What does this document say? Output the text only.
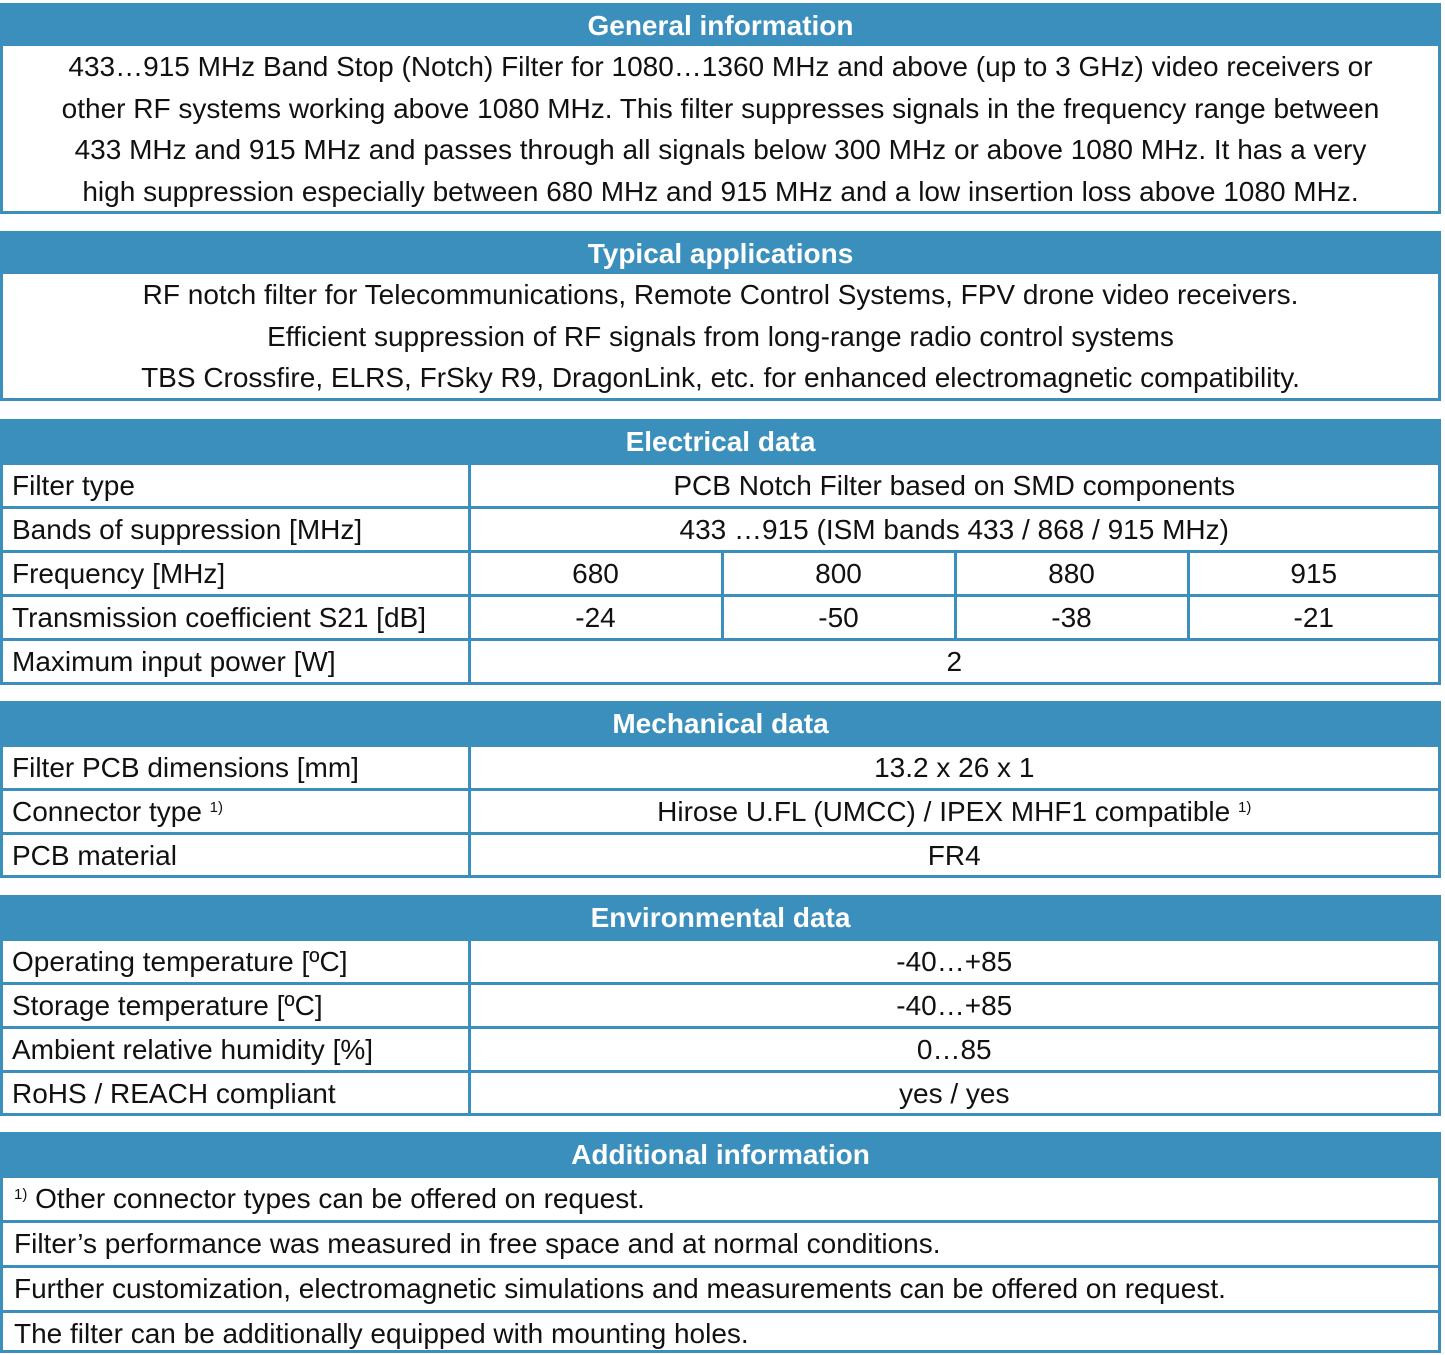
General information
433…915 MHz Band Stop (Notch) Filter for 1080…1360 MHz and above (up to 3 GHz) video receivers or
other RF systems working above 1080 MHz. This filter suppresses signals in the frequency range between
433 MHz and 915 MHz and passes through all signals below 300 MHz or above 1080 MHz. It has a very
high suppression especially between 680 MHz and 915 MHz and a low insertion loss above 1080 MHz.
Typical applications
RF notch filter for Telecommunications, Remote Control Systems, FPV drone video receivers.
Efficient suppression of RF signals from long-range radio control systems
TBS Crossfire, ELRS, FrSky R9, DragonLink, etc. for enhanced electromagnetic compatibility.
Electrical data
Filter type	PCB Notch Filter based on SMD components			
Bands of suppression [MHz]	433 …915 (ISM bands 433 / 868 / 915 MHz)			
Frequency [MHz]	680	800	880	915
Transmission coefficient S21 [dB]	-24	-50	-38	-21
Maximum input power [W]	2			
Mechanical data
Filter PCB dimensions [mm]	13.2 x 26 x 1
Connector type $^{1)}$	Hirose U.FL (UMCC) / IPEX MHF1 compatible $^{1)}$
PCB material	FR4
Environmental data
Operating temperature [ºC]	-40…+85
Storage temperature [ºC]	-40…+85
Ambient relative humidity [%]	0…85
RoHS / REACH compliant	yes / yes
Additional information
$^{1)}$ Other connector types can be offered on request.
Filter’s performance was measured in free space and at normal conditions.
Further customization, electromagnetic simulations and measurements can be offered on request.
The filter can be additionally equipped with mounting holes.
